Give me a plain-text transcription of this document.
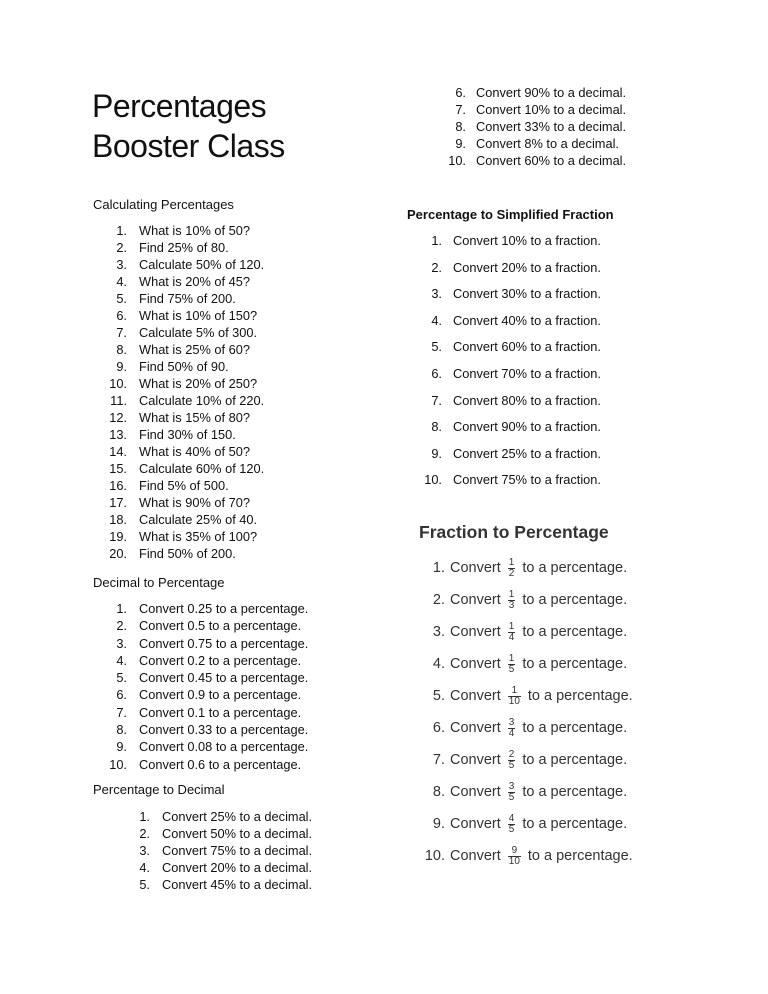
Percentages
Booster Class
Calculating Percentages
1. What is 10% of 50?
2. Find 25% of 80.
3. Calculate 50% of 120.
4. What is 20% of 45?
5. Find 75% of 200.
6. What is 10% of 150?
7. Calculate 5% of 300.
8. What is 25% of 60?
9. Find 50% of 90.
10. What is 20% of 250?
11. Calculate 10% of 220.
12. What is 15% of 80?
13. Find 30% of 150.
14. What is 40% of 50?
15. Calculate 60% of 120.
16. Find 5% of 500.
17. What is 90% of 70?
18. Calculate 25% of 40.
19. What is 35% of 100?
20. Find 50% of 200.
Decimal to Percentage
1. Convert 0.25 to a percentage.
2. Convert 0.5 to a percentage.
3. Convert 0.75 to a percentage.
4. Convert 0.2 to a percentage.
5. Convert 0.45 to a percentage.
6. Convert 0.9 to a percentage.
7. Convert 0.1 to a percentage.
8. Convert 0.33 to a percentage.
9. Convert 0.08 to a percentage.
10. Convert 0.6 to a percentage.
Percentage to Decimal
1. Convert 25% to a decimal.
2. Convert 50% to a decimal.
3. Convert 75% to a decimal.
4. Convert 20% to a decimal.
5. Convert 45% to a decimal.
6. Convert 90% to a decimal.
7. Convert 10% to a decimal.
8. Convert 33% to a decimal.
9. Convert 8% to a decimal.
10. Convert 60% to a decimal.
Percentage to Simplified Fraction
1. Convert 10% to a fraction.
2. Convert 20% to a fraction.
3. Convert 30% to a fraction.
4. Convert 40% to a fraction.
5. Convert 60% to a fraction.
6. Convert 70% to a fraction.
7. Convert 80% to a fraction.
8. Convert 90% to a fraction.
9. Convert 25% to a fraction.
10. Convert 75% to a fraction.
Fraction to Percentage
1. Convert $\frac{1}{2}$ to a percentage.
2. Convert $\frac{1}{3}$ to a percentage.
3. Convert $\frac{1}{4}$ to a percentage.
4. Convert $\frac{1}{5}$ to a percentage.
5. Convert $\frac{1}{10}$ to a percentage.
6. Convert $\frac{3}{4}$ to a percentage.
7. Convert $\frac{2}{5}$ to a percentage.
8. Convert $\frac{3}{5}$ to a percentage.
9. Convert $\frac{4}{5}$ to a percentage.
10. Convert $\frac{9}{10}$ to a percentage.
